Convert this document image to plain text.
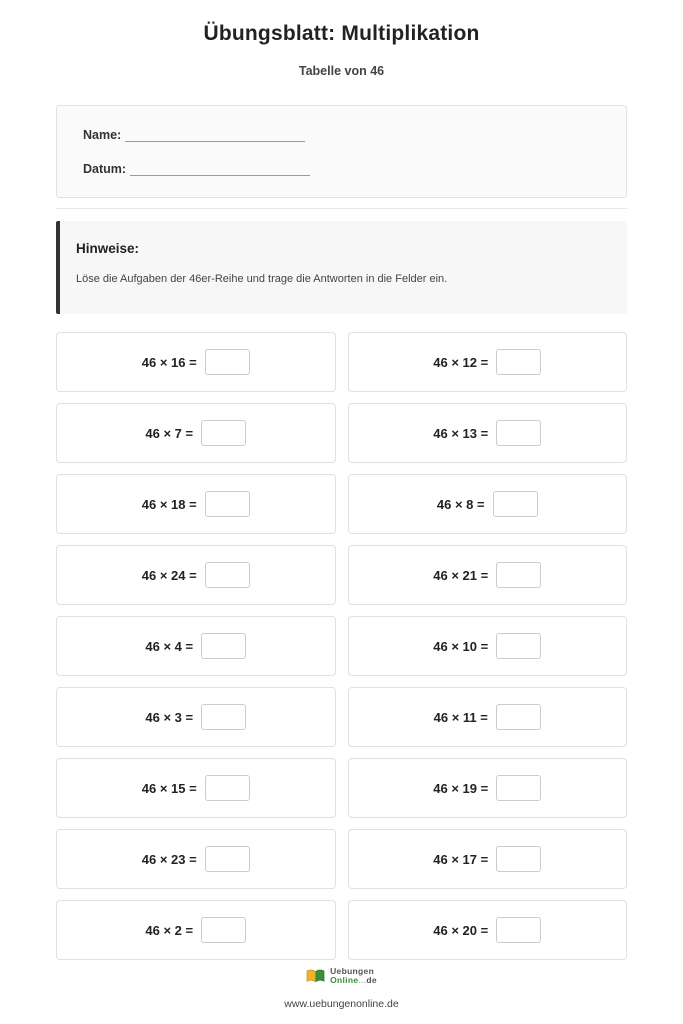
Übungsblatt: Multiplikation
Tabelle von 46
Name:
Datum:

Hinweise:

Löse die Aufgaben der 46er-Reihe und trage die Antworten in die Felder ein.

46 × 16 =	46 × 12 =
46 × 7 =	46 × 13 =
46 × 18 =	46 × 8 =
46 × 24 =	46 × 21 =
46 × 4 =	46 × 10 =
46 × 3 =	46 × 11 =
46 × 15 =	46 × 19 =
46 × 23 =	46 × 17 =
46 × 2 =	46 × 20 =
Uebungen
Online...de
www.uebungenonline.de
